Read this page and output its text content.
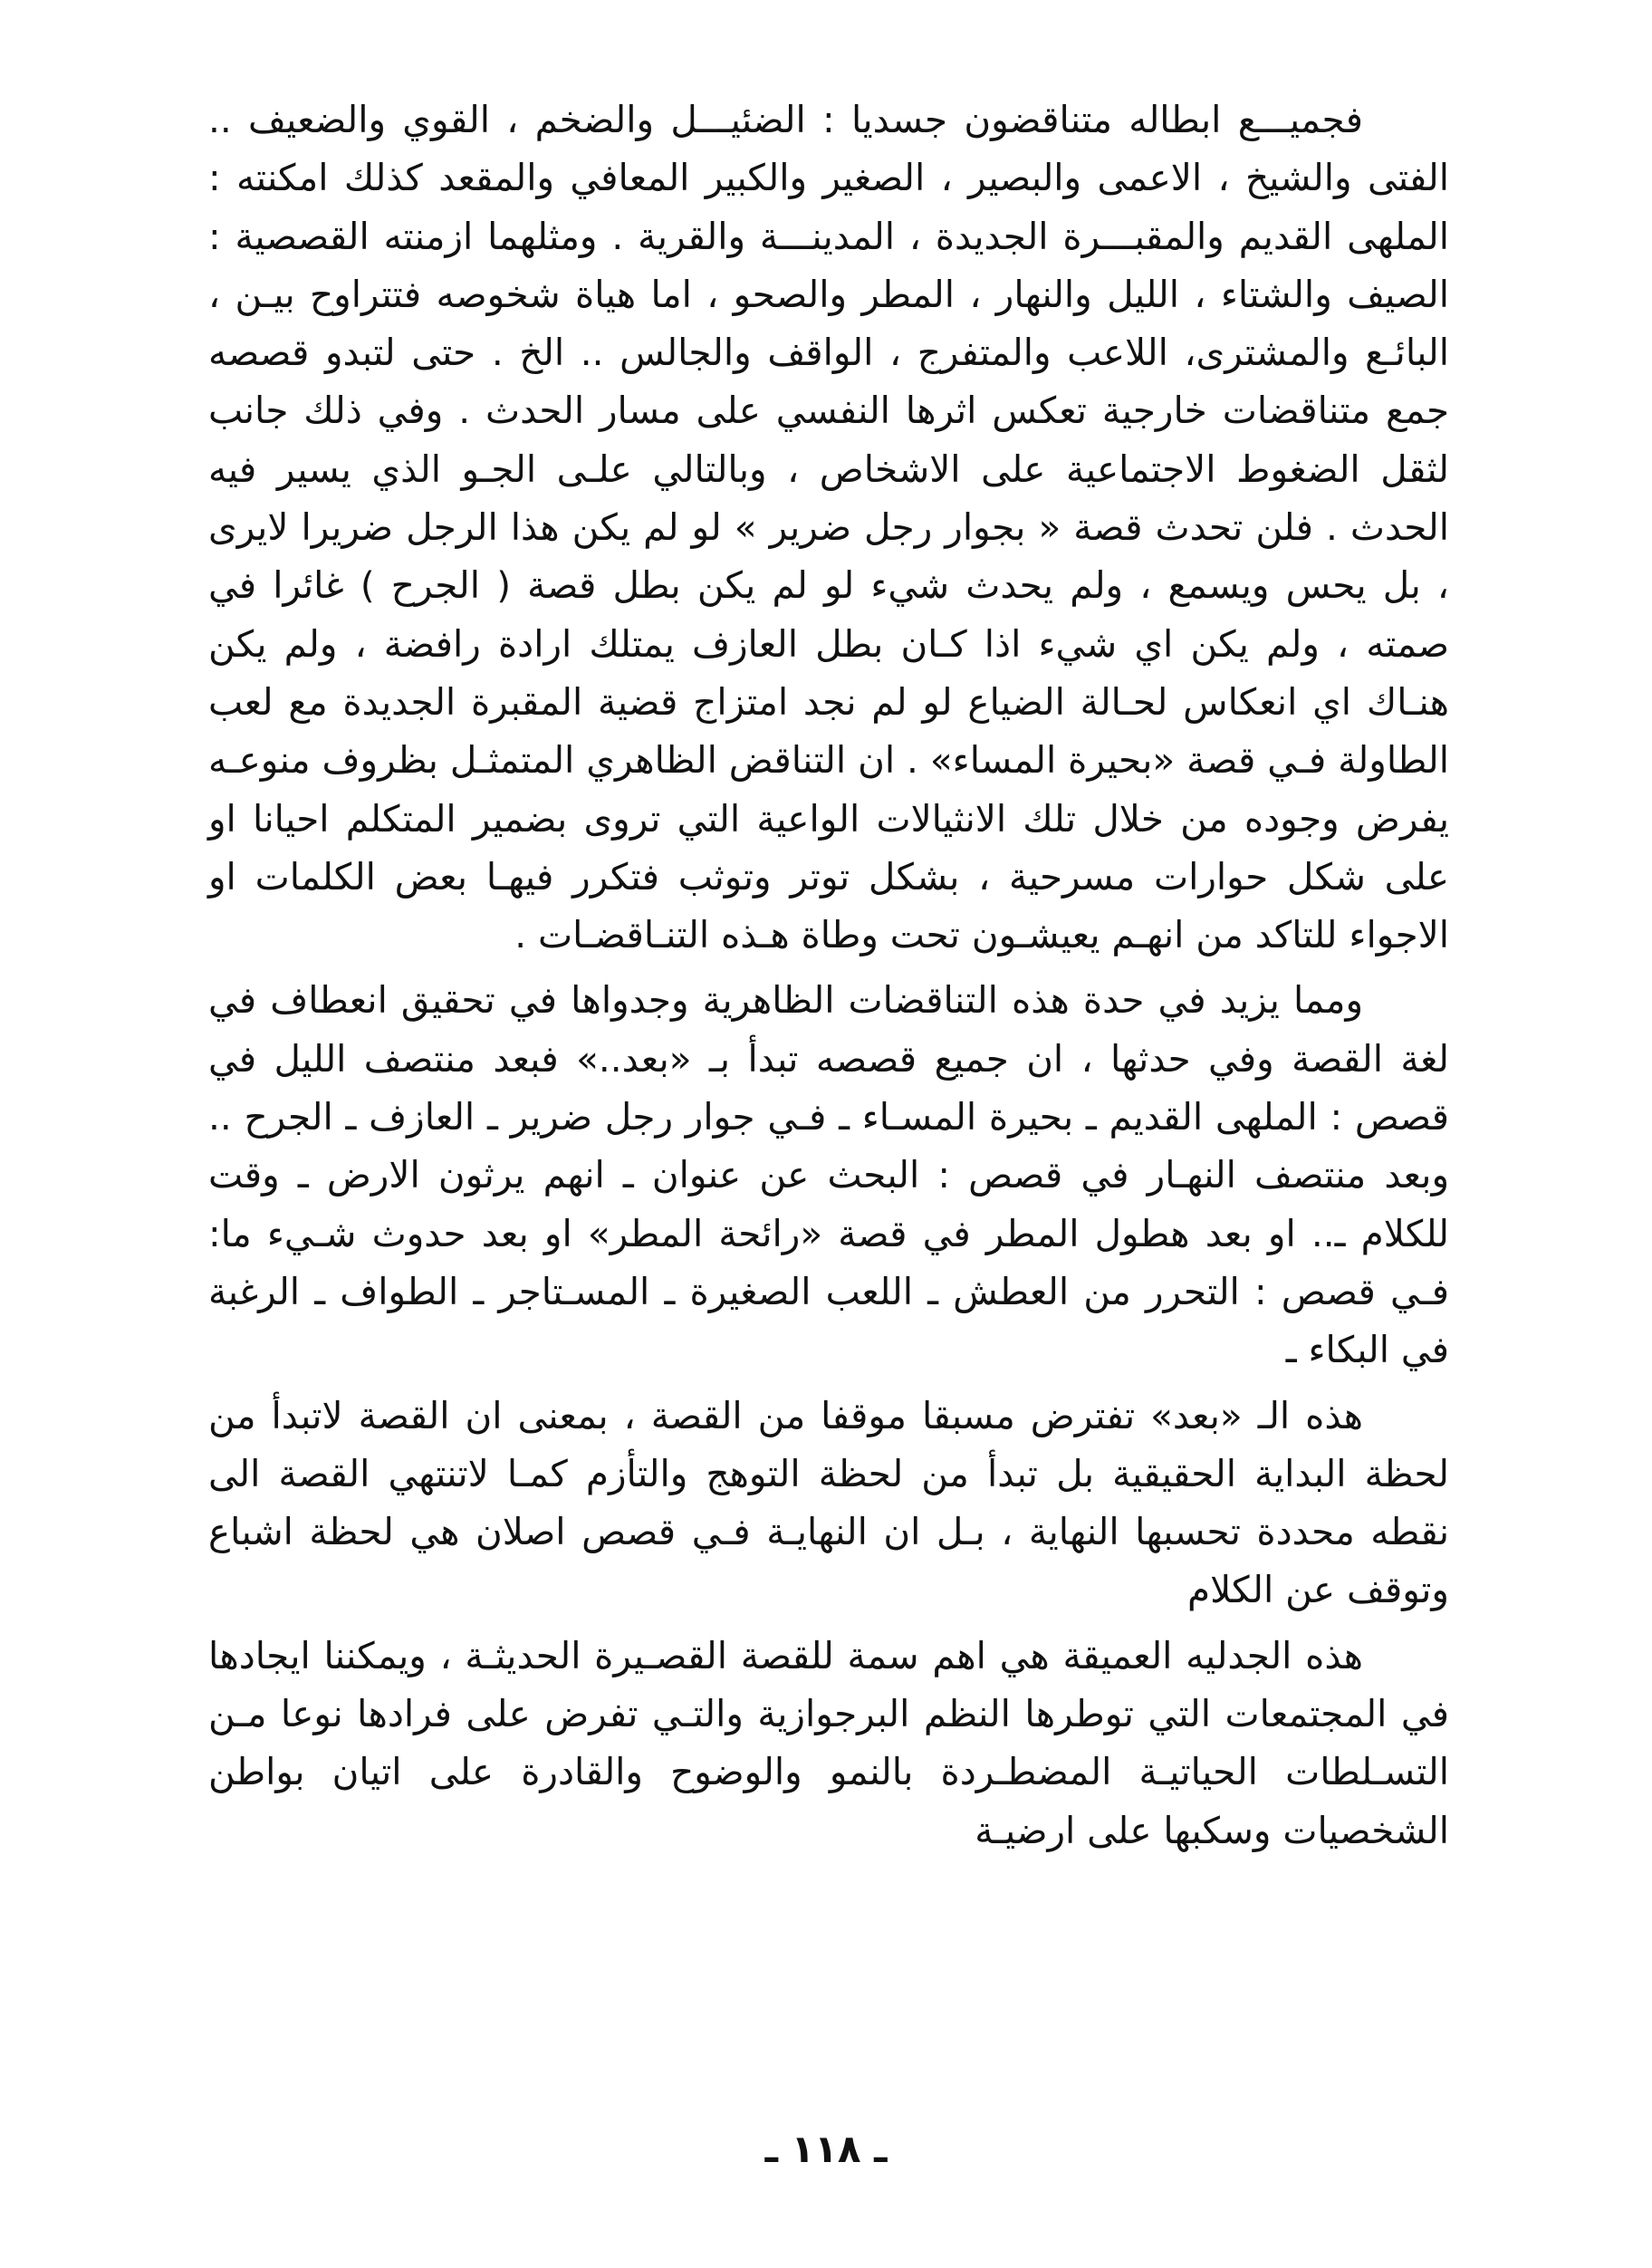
فجميـــع ابطاله متناقضون جسديا : الضئيـــل والضخم ، القوي والضعيف .. الفتى والشيخ ، الاعمى والبصير ، الصغير والكبير المعافي والمقعد كذلك امكنته : الملهى القديم والمقبـــرة الجديدة ، المدينـــة والقرية . ومثلهما ازمنته القصصية : الصيف والشتاء ، الليل والنهار ، المطر والصحو ، اما هياة شخوصه فتتراوح بيـن ، البائـع والمشترى، اللاعب والمتفرج ، الواقف والجالس .. الخ . حتى لتبدو قصصه جمع متناقضات خارجية تعكس اثرها النفسي على مسار الحدث . وفي ذلك جانب لثقل الضغوط الاجتماعية على الاشخاص ، وبالتالي علـى الجـو الذي يسير فيه الحدث . فلن تحدث قصة « بجوار رجل ضرير » لو لم يكن هذا الرجل ضريرا لايرى ، بل يحس ويسمع ، ولم يحدث شيء لو لم يكن بطل قصة ( الجرح ) غائرا في صمته ، ولم يكن اي شيء اذا كـان بطل العازف يمتلك ارادة رافضة ، ولم يكن هنـاك اي انعكاس لحـالة الضياع لو لم نجد امتزاج قضية المقبرة الجديدة مع لعب الطاولة فـي قصة «بحيرة المساء» . ان التناقض الظاهري المتمثـل بظروف منوعـه يفرض وجوده من خلال تلك الانثيالات الواعية التي تروى بضمير المتكلم احيانا او على شكل حوارات مسرحية ، بشكل توتر وتوثب فتكرر فيهـا بعض الكلمات او الاجواء للتاكد من انهـم يعيشـون تحت وطاة هـذه التنـاقضـات .

ومما يزيد في حدة هذه التناقضات الظاهرية وجدواها في تحقيق انعطاف في لغة القصة وفي حدثها ، ان جميع قصصه تبدأ بـ «بعد..» فبعد منتصف الليل في قصص : الملهى القديم ـ بحيرة المسـاء ـ فـي جوار رجل ضرير ـ العازف ـ الجرح .. وبعد منتصف النهـار في قصص : البحث عن عنوان ـ انهم يرثون الارض ـ وقت للكلام ـ.. او بعد هطول المطر في قصة «رائحة المطر» او بعد حدوث شـيء ما: فـي قصص : التحرر من العطش ـ اللعب الصغيرة ـ المسـتاجر ـ الطواف ـ الرغبة في البكاء ـ

هذه الـ «بعد» تفترض مسبقا موقفا من القصة ، بمعنى ان القصة لاتبدأ من لحظة البداية الحقيقية بل تبدأ من لحظة التوهج والتأزم كمـا لاتنتهي القصة الى نقطه محددة تحسبها النهاية ، بـل ان النهايـة فـي قصص اصلان هي لحظة اشباع وتوقف عن الكلام

هذه الجدليه العميقة هي اهم سمة للقصة القصـيرة الحديثـة ، ويمكننا ايجادها في المجتمعات التي توطرها النظم البرجوازية والتـي تفرض على فرادها نوعا مـن التسـلطات الحياتيـة المضطـردة بالنمو والوضوح والقادرة على اتيان بواطن الشخصيات وسكبها على ارضيـة

ـ ١١٨ ـ
